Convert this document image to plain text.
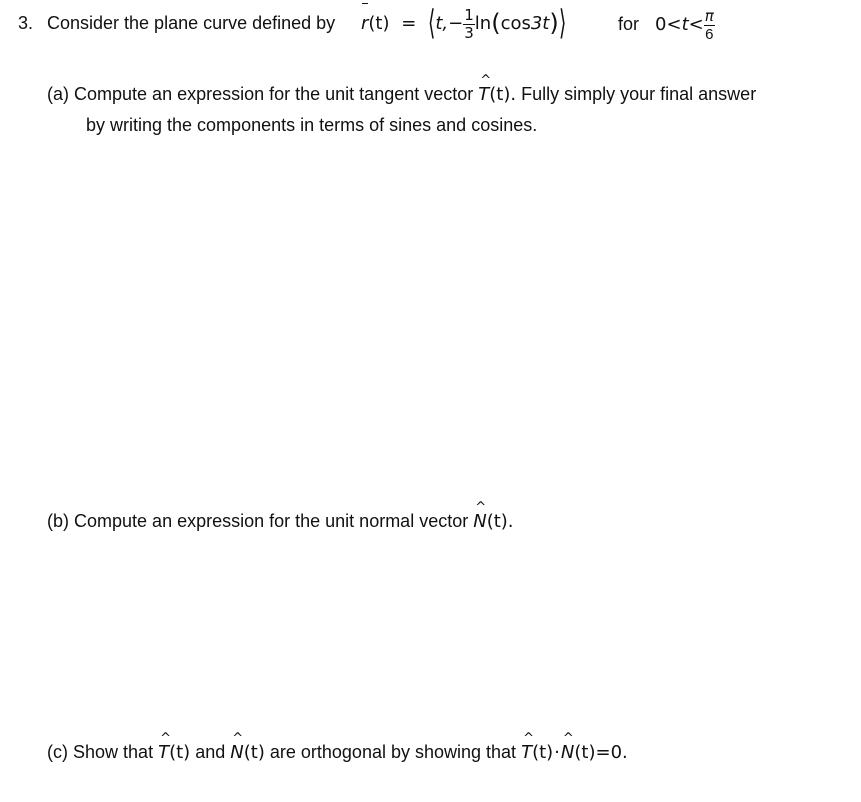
3. Consider the plane curve defined by r(t) = ⟨t,− $\frac{1}{3}$ ln(cos3t)⟩	for $0<t< \frac{\pi}{6}$
(a) Compute an expression for the unit tangent vector ^ T(t). Fully simply your final answer
by writing the components in terms of sines and cosines.
(b) Compute an expression for the unit normal vector ^ N(t).
(c) Show that ^ T(t) and ^ N(t) are orthogonal by showing that ^ T(t)·^ N(t)=0.
